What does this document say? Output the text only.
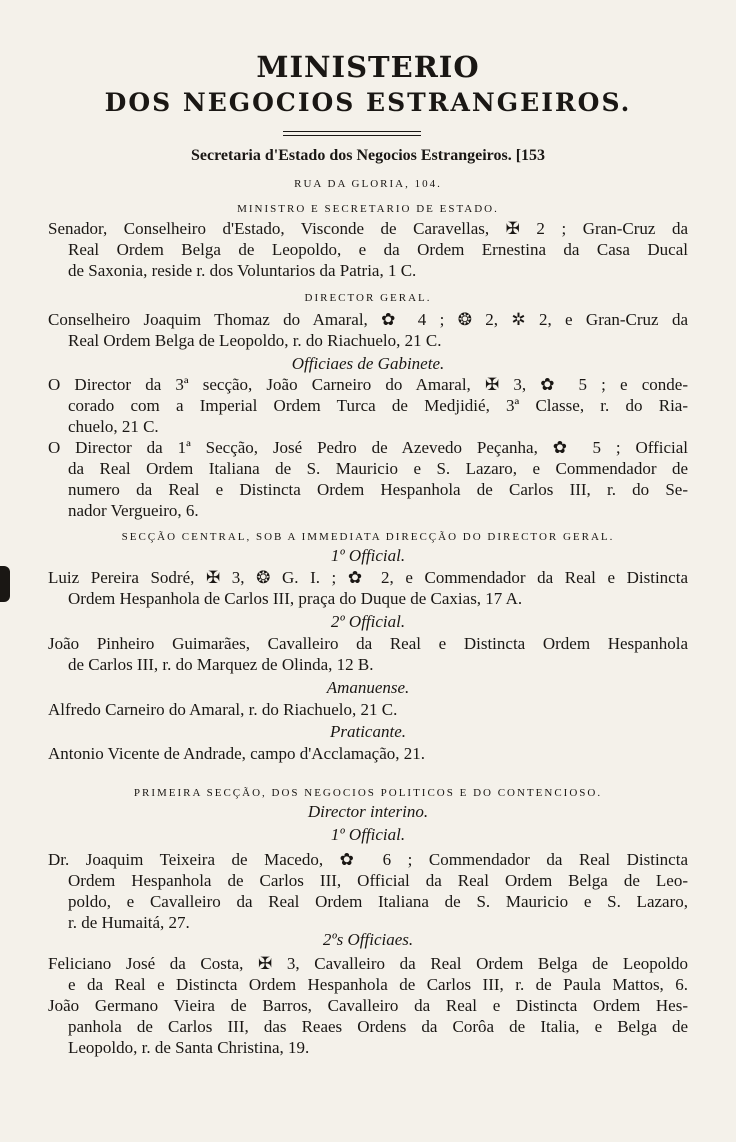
MINISTERIO
DOS NEGOCIOS ESTRANGEIROS.
Secretaria d'Estado dos Negocios Estrangeiros. [153
RUA DA GLORIA, 104.
MINISTRO E SECRETARIO DE ESTADO.
Senador, Conselheiro d'Estado, Visconde de Caravellas, ✠ 2 ; Gran-Cruz da
Real Ordem Belga de Leopoldo, e da Ordem Ernestina da Casa Ducal
de Saxonia, reside r. dos Voluntarios da Patria, 1 C.
DIRECTOR GERAL.
Conselheiro Joaquim Thomaz do Amaral, ✿ 4 ; ❂ 2, ✲ 2, e Gran-Cruz da
Real Ordem Belga de Leopoldo, r. do Riachuelo, 21 C.
Officiaes de Gabinete.
O Director da 3ª secção, João Carneiro do Amaral, ✠ 3, ✿ 5 ; e conde-
corado com a Imperial Ordem Turca de Medjidié, 3ª Classe, r. do Ria-
chuelo, 21 C.
O Director da 1ª Secção, José Pedro de Azevedo Peçanha, ✿ 5 ; Official
da Real Ordem Italiana de S. Mauricio e S. Lazaro, e Commendador de
numero da Real e Distincta Ordem Hespanhola de Carlos III, r. do Se-
nador Vergueiro, 6.
SECÇÃO CENTRAL, SOB A IMMEDIATA DIRECÇÃO DO DIRECTOR GERAL.
1º Official.
Luiz Pereira Sodré, ✠ 3, ❂ G. I. ; ✿ 2, e Commendador da Real e Distincta
Ordem Hespanhola de Carlos III, praça do Duque de Caxias, 17 A.
2º Official.
João Pinheiro Guimarães, Cavalleiro da Real e Distincta Ordem Hespanhola
de Carlos III, r. do Marquez de Olinda, 12 B.
Amanuense.
Alfredo Carneiro do Amaral, r. do Riachuelo, 21 C.
Praticante.
Antonio Vicente de Andrade, campo d'Acclamação, 21.
PRIMEIRA SECÇÃO, DOS NEGOCIOS POLITICOS E DO CONTENCIOSO.
Director interino.
1º Official.
Dr. Joaquim Teixeira de Macedo, ✿ 6 ; Commendador da Real Distincta
Ordem Hespanhola de Carlos III, Official da Real Ordem Belga de Leo-
poldo, e Cavalleiro da Real Ordem Italiana de S. Mauricio e S. Lazaro,
r. de Humaitá, 27.
2ºs Officiaes.
Feliciano José da Costa, ✠ 3, Cavalleiro da Real Ordem Belga de Leopoldo
e da Real e Distincta Ordem Hespanhola de Carlos III, r. de Paula Mattos, 6.
João Germano Vieira de Barros, Cavalleiro da Real e Distincta Ordem Hes-
panhola de Carlos III, das Reaes Ordens da Corôa de Italia, e Belga de
Leopoldo, r. de Santa Christina, 19.
